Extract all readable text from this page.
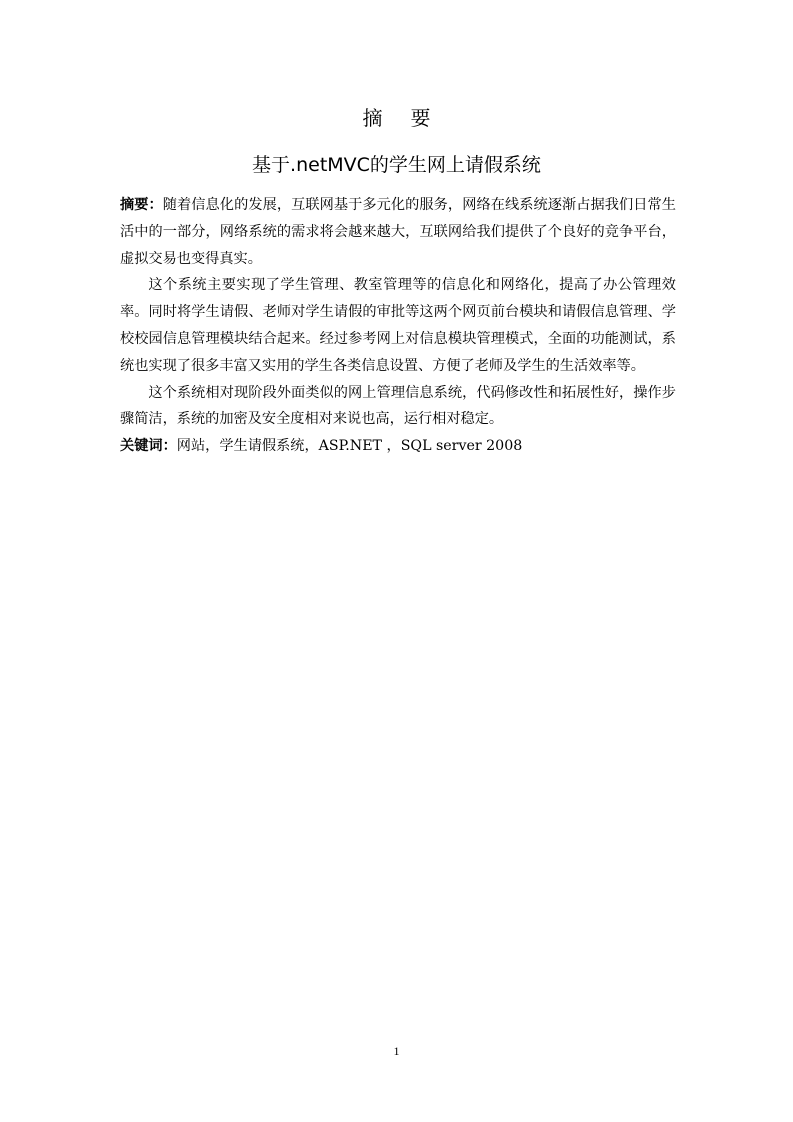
摘要
基于.netMVC的学生网上请假系统

摘要：随着信息化的发展，互联网基于多元化的服务，网络在线系统逐渐占据我们日常生活中的一部分，网络系统的需求将会越来越大，互联网给我们提供了个良好的竞争平台，虚拟交易也变得真实。

这个系统主要实现了学生管理、教室管理等的信息化和网络化，提高了办公管理效率。同时将学生请假、老师对学生请假的审批等这两个网页前台模块和请假信息管理、学校校园信息管理模块结合起来。经过参考网上对信息模块管理模式，全面的功能测试，系统也实现了很多丰富又实用的学生各类信息设置、方便了老师及学生的生活效率等。

这个系统相对现阶段外面类似的网上管理信息系统，代码修改性和拓展性好，操作步骤简洁，系统的加密及安全度相对来说也高，运行相对稳定。

关键词：网站，学生请假系统，ASP.NET ，SQL server 2008

1
